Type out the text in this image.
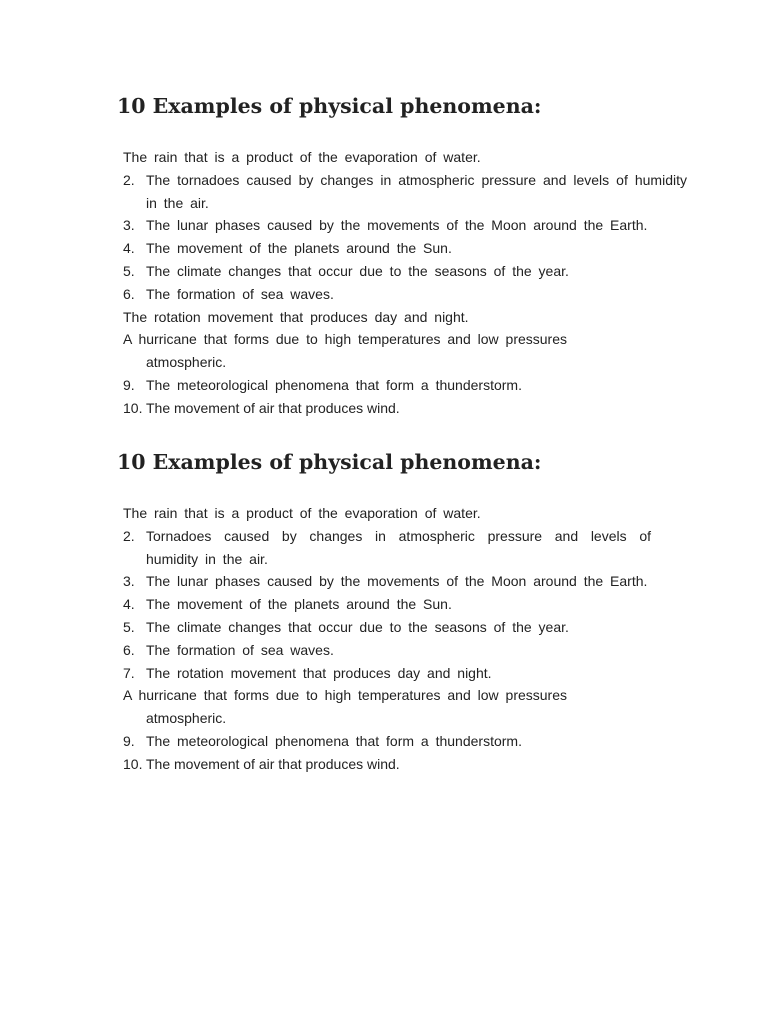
10 Examples of physical phenomena:
The rain that is a product of the evaporation of water.
2. The tornadoes caused by changes in atmospheric pressure and levels of humidity in the air.
3. The lunar phases caused by the movements of the Moon around the Earth.
4. The movement of the planets around the Sun.
5. The climate changes that occur due to the seasons of the year.
6. The formation of sea waves.
The rotation movement that produces day and night.
A hurricane that forms due to high temperatures and low pressures atmospheric.
9. The meteorological phenomena that form a thunderstorm.
10. The movement of air that produces wind.
10 Examples of physical phenomena:
The rain that is a product of the evaporation of water.
2. Tornadoes caused by changes in atmospheric pressure and levels of humidity in the air.
3. The lunar phases caused by the movements of the Moon around the Earth.
4. The movement of the planets around the Sun.
5. The climate changes that occur due to the seasons of the year.
6. The formation of sea waves.
7. The rotation movement that produces day and night.
A hurricane that forms due to high temperatures and low pressures atmospheric.
9. The meteorological phenomena that form a thunderstorm.
10. The movement of air that produces wind.
